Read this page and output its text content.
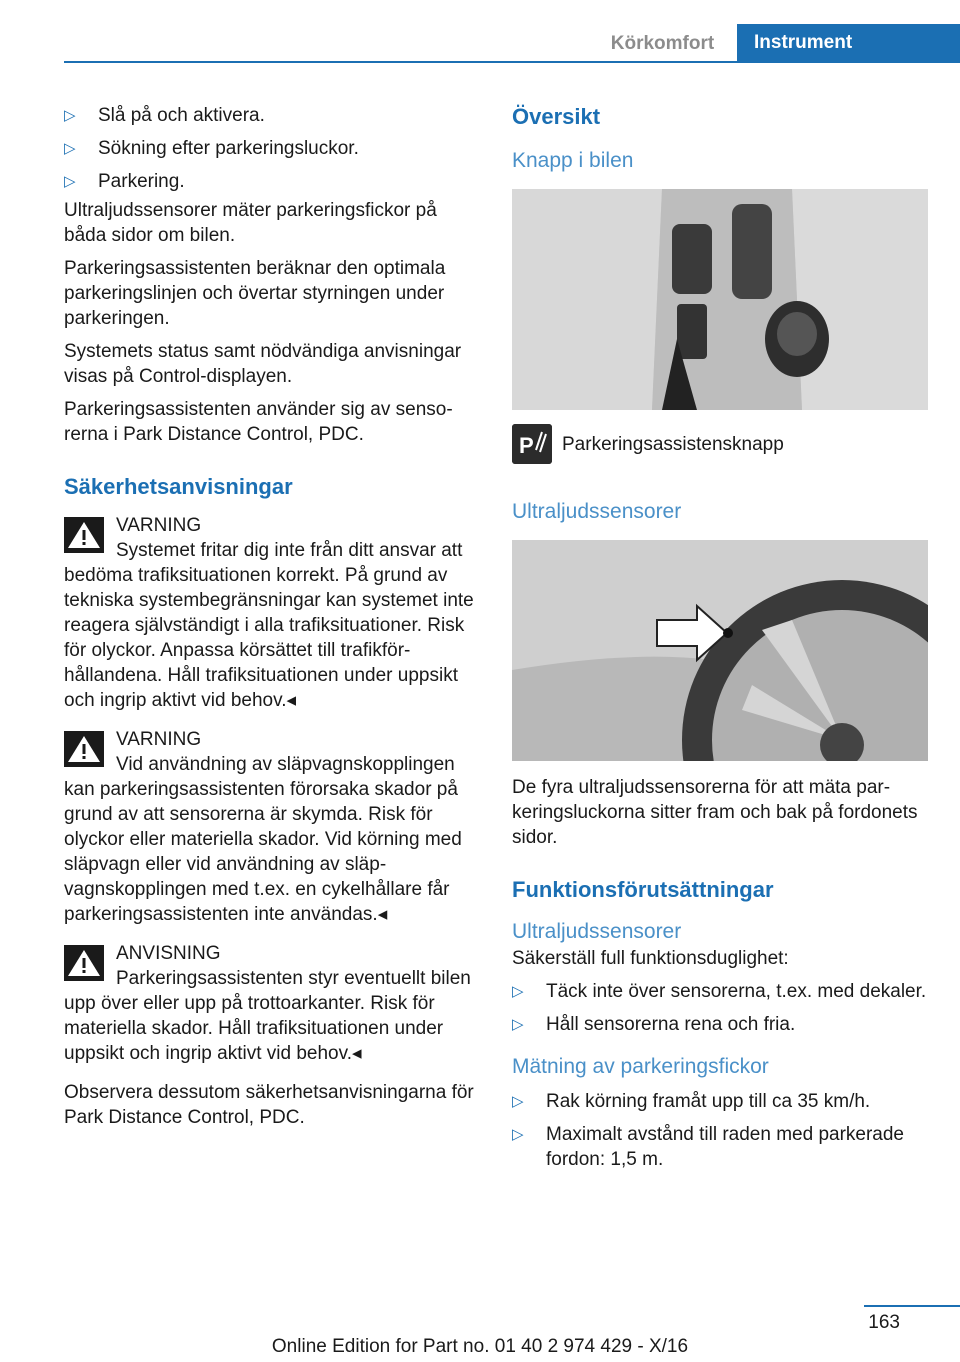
Körkomfort	Instrument
▷	Slå på och aktivera.
▷	Sökning efter parkeringsluckor.
▷	Parkering.

Ultraljudssensorer mäter parkeringsfickor på båda sidor om bilen.

Parkeringsassistenten beräknar den optimala parkeringslinjen och övertar styrningen under parkeringen.

Systemets status samt nödvändiga anvisningar visas på Control-displayen.

Parkeringsassistenten använder sig av sensorerna i Park Distance Control, PDC.

Säkerhetsanvisningar
VARNING
Systemet fritar dig inte från ditt ansvar att bedöma trafiksituationen korrekt. På grund av tekniska systembegränsningar kan systemet inte reagera självständigt i alla trafiksituationer. Risk för olyckor. Anpassa körsättet till trafikförhållandena. Håll trafiksituationen under uppsikt och ingrip aktivt vid behov.◂
VARNING
Vid användning av släpvagnskopplingen kan parkeringsassistenten förorsaka skador på grund av att sensorerna är skymda. Risk för olyckor eller materiella skador. Vid körning med släpvagn eller vid användning av släpvagnskopplingen med t.ex. en cykelhållare får parkeringsassistenten inte användas.◂
ANVISNING
Parkeringsassistenten styr eventuellt bilen upp över eller upp på trottoarkanter. Risk för materiella skador. Håll trafiksituationen under uppsikt och ingrip aktivt vid behov.◂

Observera dessutom säkerhetsanvisningarna för Park Distance Control, PDC.

Översikt
Knapp i bilen
P Parkeringsassistensknapp
Ultraljudssensorer

De fyra ultraljudssensorerna för att mäta parkeringsluckorna sitter fram och bak på fordonets sidor.

Funktionsförutsättningar
Ultraljudssensorer

Säkerställ full funktionsduglighet:

▷	Täck inte över sensorerna, t.ex. med dekaler.
▷	Håll sensorerna rena och fria.
Mätning av parkeringsfickor
▷	Rak körning framåt upp till ca 35 km/h.
▷	Maximalt avstånd till raden med parkerade fordon: 1,5 m.
163
Online Edition for Part no. 01 40 2 974 429 - X/16
